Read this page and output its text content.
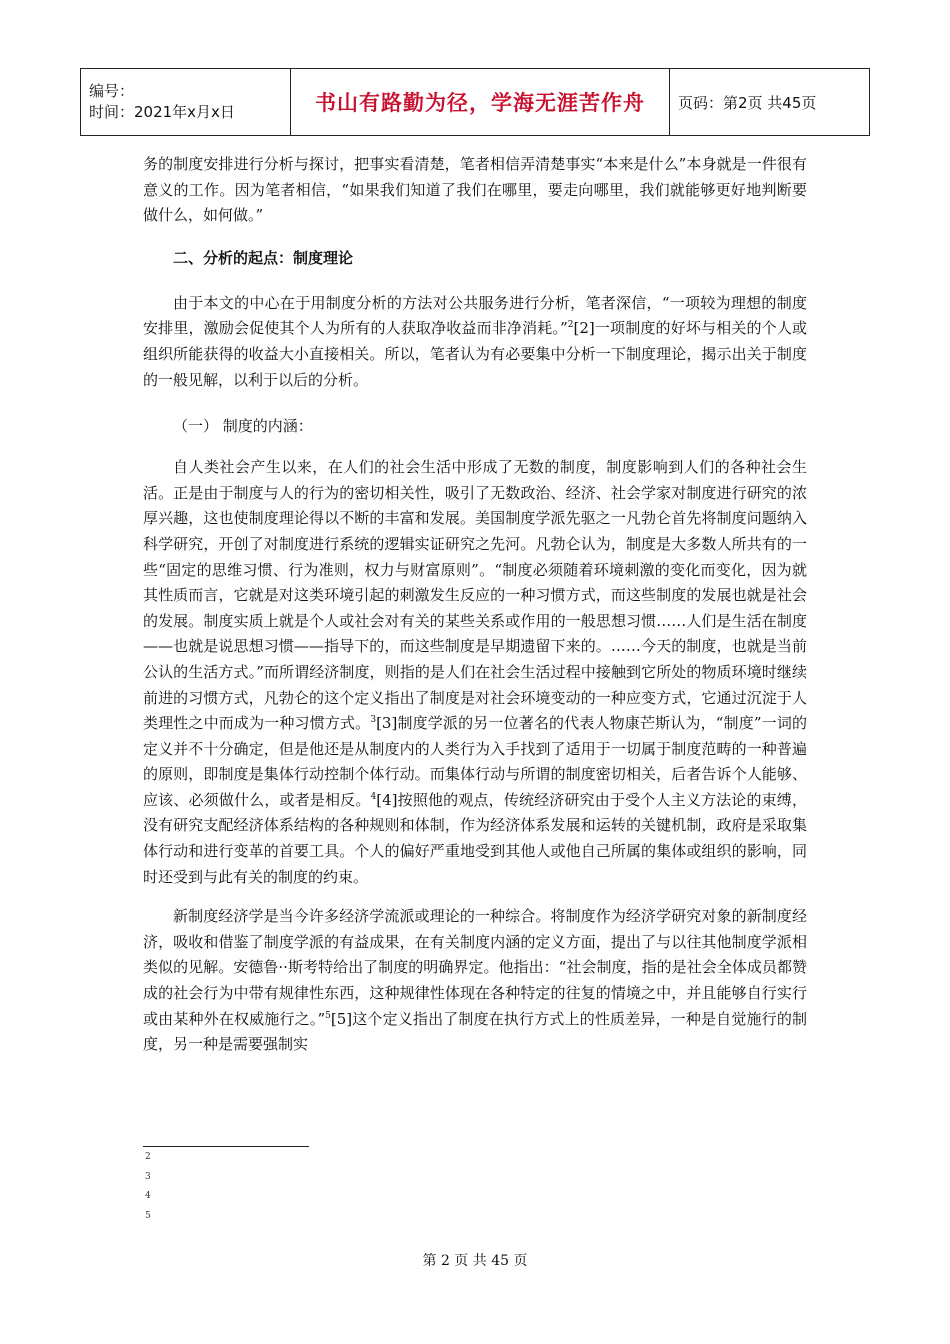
编号：
时间：2021年x月x日	书山有路勤为径，学海无涯苦作舟	页码：第2页 共45页

务的制度安排进行分析与探讨，把事实看清楚，笔者相信弄清楚事实“本来是什么”本身就是一件很有意义的工作。因为笔者相信，“如果我们知道了我们在哪里，要走向哪里，我们就能够更好地判断要做什么，如何做。”

二、分析的起点：制度理论

由于本文的中心在于用制度分析的方法对公共服务进行分析，笔者深信，“一项较为理想的制度安排里，激励会促使其个人为所有的人获取净收益而非净消耗。”$^2$[2]一项制度的好坏与相关的个人或组织所能获得的收益大小直接相关。所以，笔者认为有必要集中分析一下制度理论，揭示出关于制度的一般见解，以利于以后的分析。

（一） 制度的内涵：

自人类社会产生以来，在人们的社会生活中形成了无数的制度，制度影响到人们的各种社会生活。正是由于制度与人的行为的密切相关性，吸引了无数政治、经济、社会学家对制度进行研究的浓厚兴趣，这也使制度理论得以不断的丰富和发展。美国制度学派先驱之一凡勃仑首先将制度问题纳入科学研究，开创了对制度进行系统的逻辑实证研究之先河。凡勃仑认为，制度是大多数人所共有的一些“固定的思维习惯、行为准则，权力与财富原则”。“制度必须随着环境刺激的变化而变化，因为就其性质而言，它就是对这类环境引起的刺激发生反应的一种习惯方式，而这些制度的发展也就是社会的发展。制度实质上就是个人或社会对有关的某些关系或作用的一般思想习惯……人们是生活在制度——也就是说思想习惯——指导下的，而这些制度是早期遗留下来的。……今天的制度，也就是当前公认的生活方式。”而所谓经济制度，则指的是人们在社会生活过程中接触到它所处的物质环境时继续前进的习惯方式，凡勃仑的这个定义指出了制度是对社会环境变动的一种应变方式，它通过沉淀于人类理性之中而成为一种习惯方式。$^3$[3]制度学派的另一位著名的代表人物康芒斯认为，“制度”一词的定义并不十分确定，但是他还是从制度内的人类行为入手找到了适用于一切属于制度范畴的一种普遍的原则，即制度是集体行动控制个体行动。而集体行动与所谓的制度密切相关，后者告诉个人能够、应该、必须做什么，或者是相反。$^4$[4]按照他的观点，传统经济研究由于受个人主义方法论的束缚，没有研究支配经济体系结构的各种规则和体制，作为经济体系发展和运转的关键机制，政府是采取集体行动和进行变革的首要工具。个人的偏好严重地受到其他人或他自己所属的集体或组织的影响，同时还受到与此有关的制度的约束。

新制度经济学是当今许多经济学流派或理论的一种综合。将制度作为经济学研究对象的新制度经济，吸收和借鉴了制度学派的有益成果，在有关制度内涵的定义方面，提出了与以往其他制度学派相类似的见解。安德鲁··斯考特给出了制度的明确界定。他指出：“社会制度，指的是社会全体成员都赞成的社会行为中带有规律性东西，这种规律性体现在各种特定的往复的情境之中，并且能够自行实行或由某种外在权威施行之。”$^5$[5]这个定义指出了制度在执行方式上的性质差异，一种是自觉施行的制度，另一种是需要强制实

2
3
4
5
第 2 页 共 45 页
